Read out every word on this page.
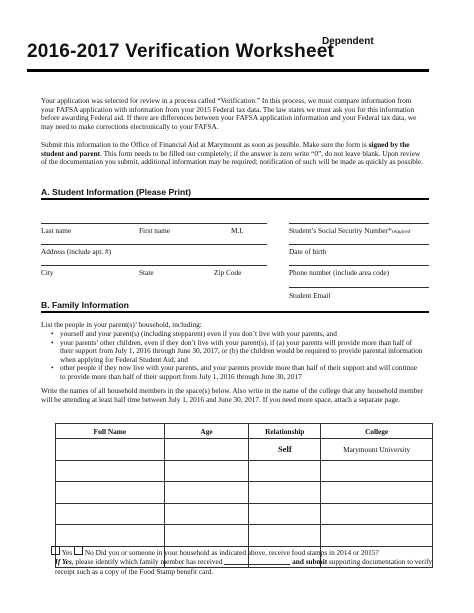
2016-2017 Verification Worksheet
Dependent
Your application was selected for review in a process called “Verification.” In this process, we must compare information from your FAFSA application with information from your 2015 Federal tax data. The law states we must ask you for this information before awarding Federal aid. If there are differences between your FAFSA application information and your Federal tax data, we may need to make corrections electronically to your FAFSA.
Submit this information to the Office of Financial Aid at Marymount as soon as possible. Make sure the form is signed by the student and parent. This form needs to be filled out completely; if the answer is zero write “0”, do not leave blank. Upon review of the documentation you submit, additional information may be required; notification of such will be made as quickly as possible.
A. Student Information (Please Print)
Last name	First name	M.I.	Student’s Social Security Number*required
Address (include apt. #)	Date of birth
City	State	Zip Code	Phone number (include area code)
Student Email
B. Family Information
List the people in your parent(s)’ household, including:
• yourself and your parent(s) (including stepparent) even if you don’t live with your parents, and
• your parents’ other children, even if they don’t live with your parent(s), if (a) your parents will provide more than half of their support from July 1, 2016 through June 30, 2017, or (b) the children would be required to provide parental information when applying for Federal Student Aid, and
• other people if they now live with your parents, and your parents provide more than half of their support and will continue to provide more than half of their support from July 1, 2016 through June 30, 2017
Write the names of all household members in the space(s) below. Also write in the name of the college that any household member will be attending at least half time between July 1, 2016 and June 30, 2017. If you need more space, attach a separate page.
Full Name	Age	Relationship	College
		Self	Marymount University

Yes No Did you or someone in your household as indicated above, receive food stamps in 2014 or 2015?
If Yes, please identify which family member has received	and submit supporting documentation to verify
receipt such as a copy of the Food Stamp benefit card.
